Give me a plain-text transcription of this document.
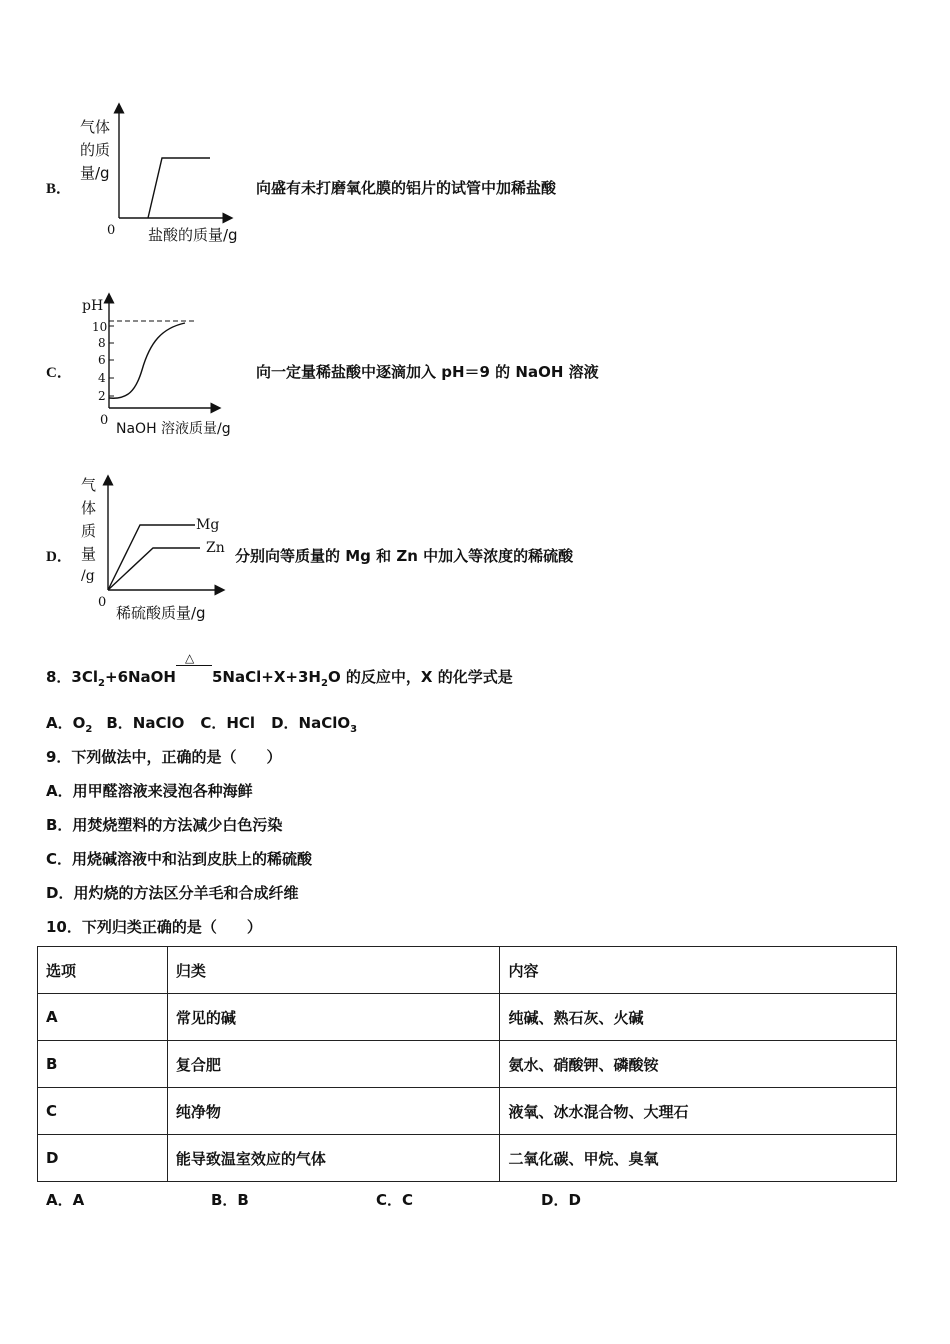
B．
气体
的质
量/g
0 盐酸的质量/g
向盛有未打磨氧化膜的铝片的试管中加稀盐酸
C．
pH
10
8
6
4
2
0
NaOH 溶液质量/g
向一定量稀盐酸中逐滴加入 pH＝9 的 NaOH 溶液
D．
气
体
质
量
/g
Mg
Zn
0
稀硫酸质量/g
分别向等质量的 Mg 和 Zn 中加入等浓度的稀硫酸
8．$3Cl_2+6NaOH$
△
$5NaCl+X+3H_2O$ 的反应中，X 的化学式是
A．$O_2$ B．NaClO C．HCl D．NaClO$_3$
9．下列做法中，正确的是（　　）
A．用甲醛溶液来浸泡各种海鲜
B．用焚烧塑料的方法减少白色污染
C．用烧碱溶液中和沾到皮肤上的稀硫酸
D．用灼烧的方法区分羊毛和合成纤维
10．下列归类正确的是（　　）
选项	归类	内容
A	常见的碱	纯碱、熟石灰、火碱
B	复合肥	氨水、硝酸钾、磷酸铵
C	纯净物	液氧、冰水混合物、大理石
D	能导致温室效应的气体	二氧化碳、甲烷、臭氧
A．A	B．B	C．C	D．D
